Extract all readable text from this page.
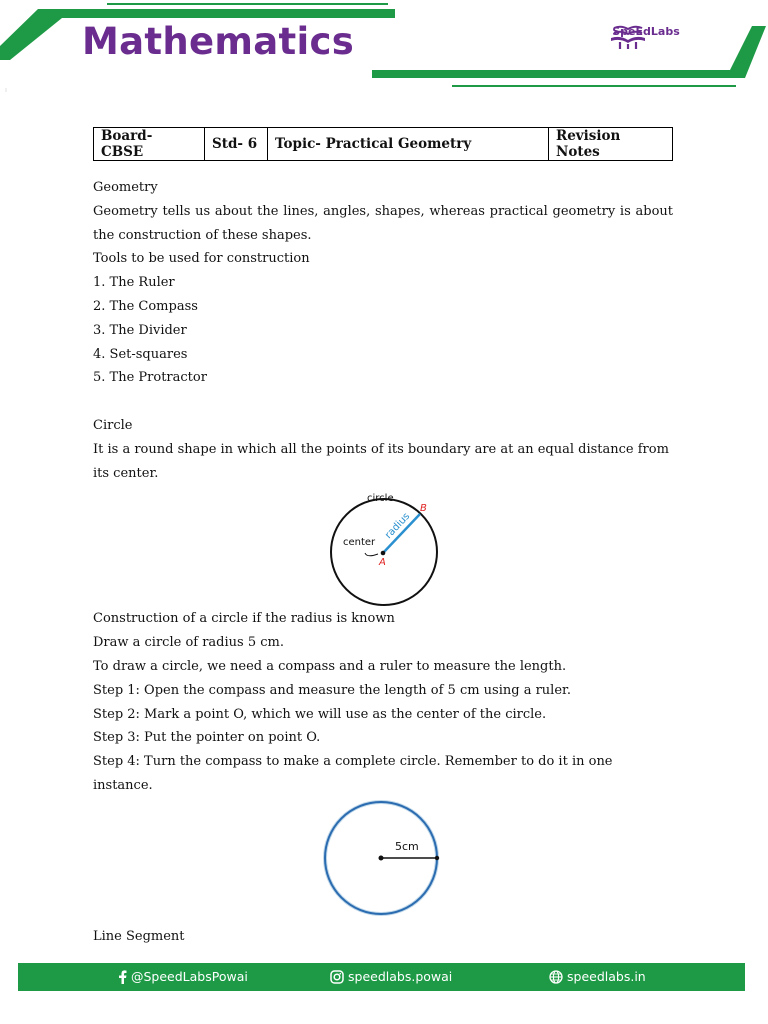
Mathematics	SpeEdLabs
Board- CBSE	Std- 6	Topic- Practical Geometry	Revision Notes

Geometry

Geometry tells us about the lines, angles, shapes, whereas practical geometry is about the construction of these shapes.

Tools to be used for construction

1. The Ruler

2. The Compass

3. The Divider

4. Set-squares

5. The Protractor

Circle

It is a round shape in which all the points of its boundary are at an equal distance from its center.

circle
B
center
A
radius

Construction of a circle if the radius is known

Draw a circle of radius 5 cm.

To draw a circle, we need a compass and a ruler to measure the length.

Step 1: Open the compass and measure the length of 5 cm using a ruler.

Step 2: Mark a point O, which we will use as the center of the circle.

Step 3: Put the pointer on point O.

Step 4: Turn the compass to make a complete circle. Remember to do it in one instance.

5cm

Line Segment

@SpeedLabsPowai	speedlabs.powai	speedlabs.in
